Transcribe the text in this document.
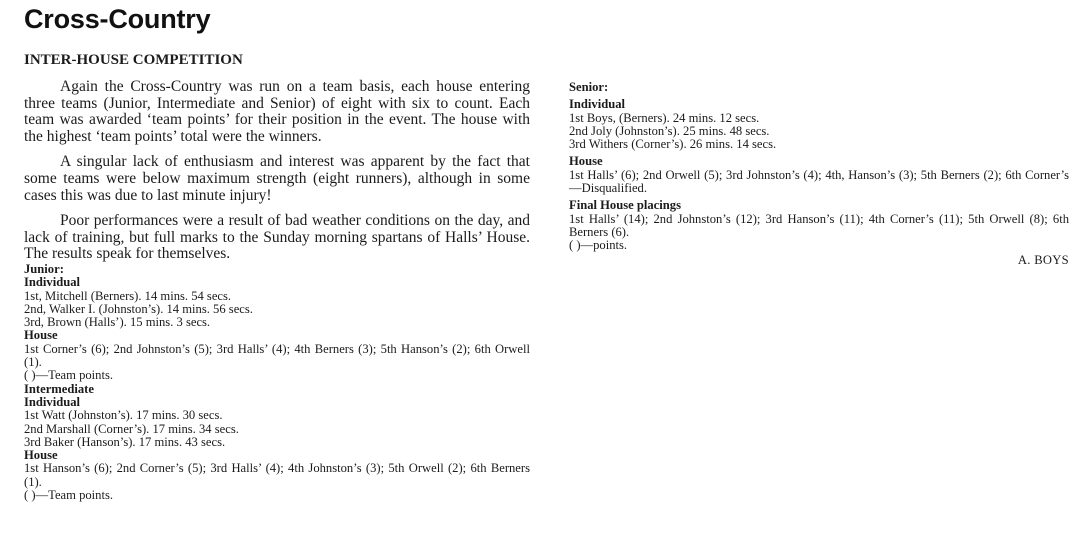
Cross-Country
INTER-HOUSE COMPETITION

Again the Cross-Country was run on a team basis, each house entering three teams (Junior, Intermediate and Senior) of eight with six to count. Each team was awarded ‘team points’ for their position in the event. The house with the highest ‘team points’ total were the winners.

A singular lack of enthusiasm and interest was apparent by the fact that some teams were below maximum strength (eight runners), although in some cases this was due to last minute injury!

Poor performances were a result of bad weather conditions on the day, and lack of training, but full marks to the Sunday morning spartans of Halls’ House. The results speak for themselves.

Junior:
Individual
1st, Mitchell (Berners). 14 mins. 54 secs.
2nd, Walker I. (Johnston’s). 14 mins. 56 secs.
3rd, Brown (Halls’). 15 mins. 3 secs.
House
1st Corner’s (6); 2nd Johnston’s (5); 3rd Halls’ (4); 4th Berners (3); 5th Hanson’s (2); 6th Orwell (1).
( )—Team points.
Intermediate
Individual
1st Watt (Johnston’s). 17 mins. 30 secs.
2nd Marshall (Corner’s). 17 mins. 34 secs.
3rd Baker (Hanson’s). 17 mins. 43 secs.
House
1st Hanson’s (6); 2nd Corner’s (5); 3rd Halls’ (4); 4th Johnston’s (3); 5th Orwell (2); 6th Berners (1).
( )—Team points.
Senior:
Individual
1st Boys, (Berners). 24 mins. 12 secs.
2nd Joly (Johnston’s). 25 mins. 48 secs.
3rd Withers (Corner’s). 26 mins. 14 secs.
House
1st Halls’ (6); 2nd Orwell (5); 3rd Johnston’s (4); 4th, Hanson’s (3); 5th Berners (2); 6th Corner’s—Disqualified.
Final House placings
1st Halls’ (14); 2nd Johnston’s (12); 3rd Hanson’s (11); 4th Corner’s (11); 5th Orwell (8); 6th Berners (6).
( )—points.
A. BOYS
